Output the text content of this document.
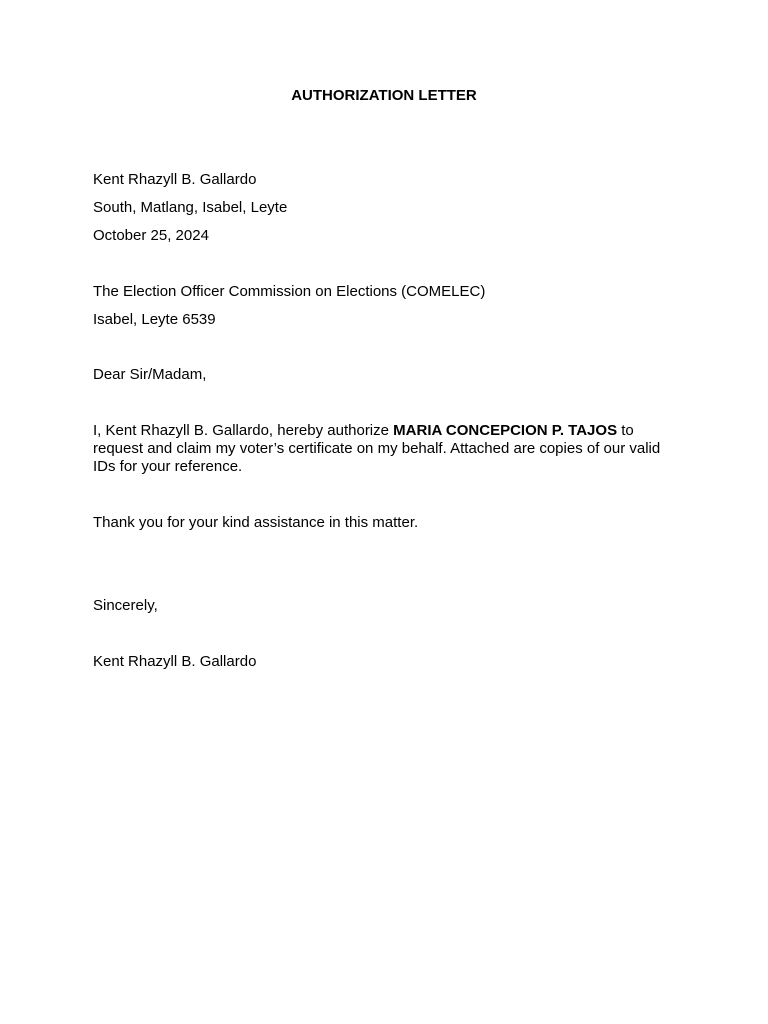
AUTHORIZATION LETTER
Kent Rhazyll B. Gallardo
South, Matlang, Isabel, Leyte
October 25, 2024
The Election Officer Commission on Elections (COMELEC)
Isabel, Leyte 6539
Dear Sir/Madam,
I, Kent Rhazyll B. Gallardo, hereby authorize MARIA CONCEPCION P. TAJOS to request and claim my voter’s certificate on my behalf. Attached are copies of our valid IDs for your reference.
Thank you for your kind assistance in this matter.
Sincerely,
Kent Rhazyll B. Gallardo
